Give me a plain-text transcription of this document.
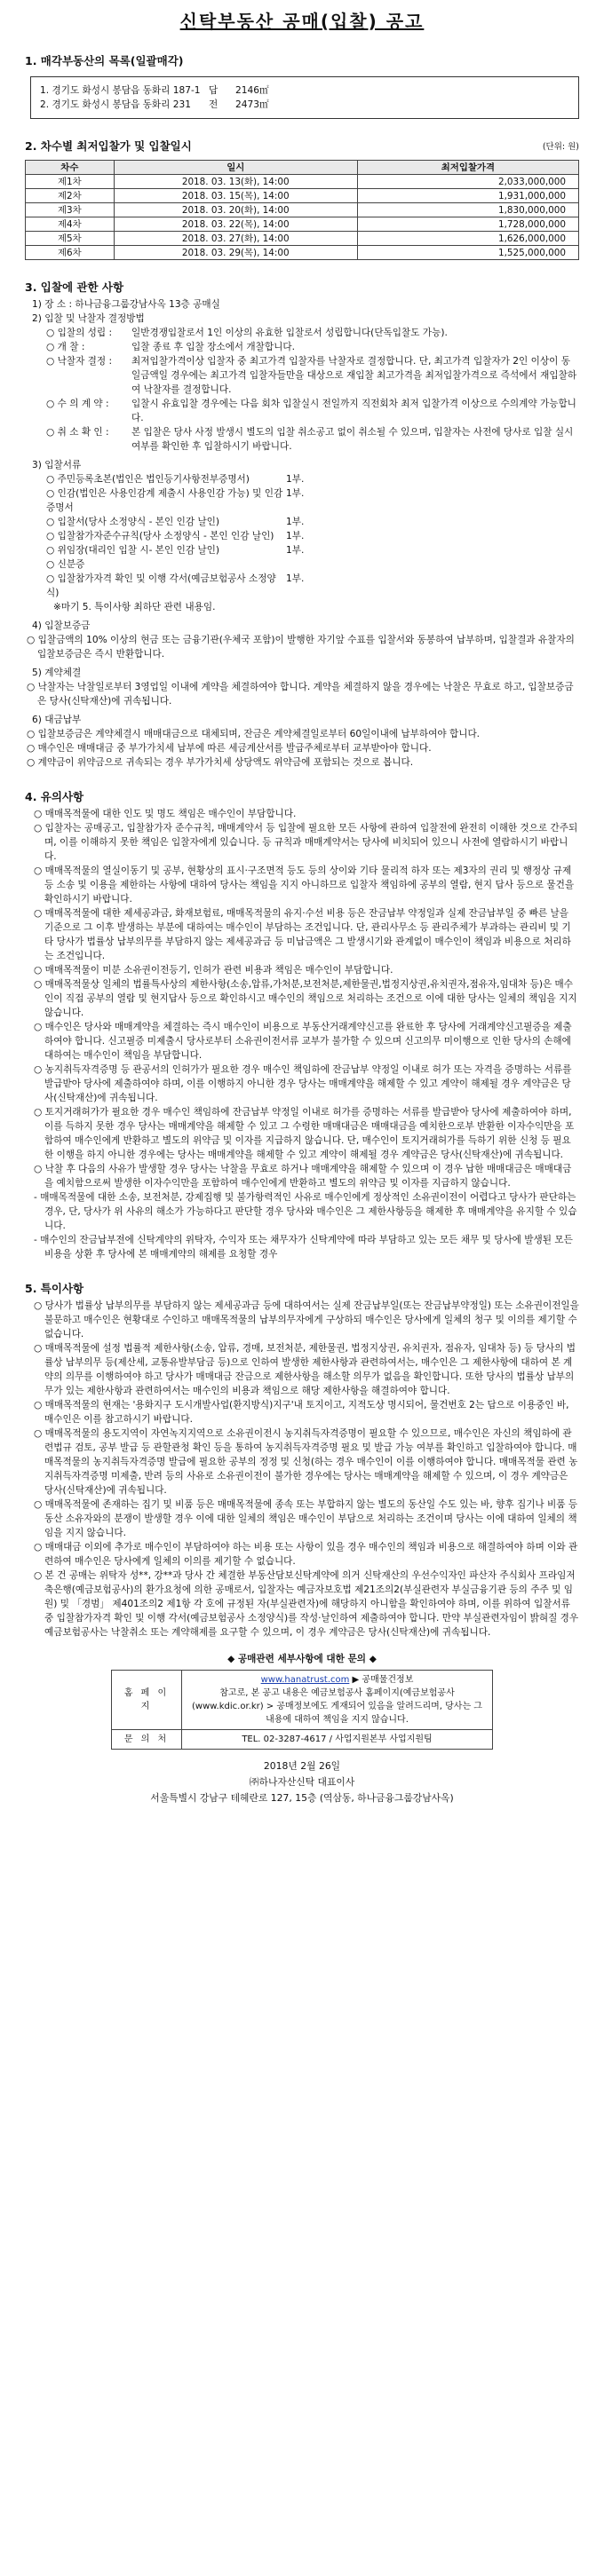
신탁부동산 공매(입찰) 공고
1. 매각부동산의 목록(일괄매각)
1. 경기도 화성시 봉담읍 동화리 187-1 답	2146㎡
2. 경기도 화성시 봉담읍 동화리 231	전	2473㎡
2. 차수별 최저입찰가 및 입찰일시	(단위: 원)
차수	일시	최저입찰가격
제1차	2018. 03. 13(화), 14:00	2,033,000,000
제2차	2018. 03. 15(목), 14:00	1,931,000,000
제3차	2018. 03. 20(화), 14:00	1,830,000,000
제4차	2018. 03. 22(목), 14:00	1,728,000,000
제5차	2018. 03. 27(화), 14:00	1,626,000,000
제6차	2018. 03. 29(목), 14:00	1,525,000,000
3. 입찰에 관한 사항
1) 장 소 : 하나금융그룹강남사옥 13층 공매실
2) 입찰 및 낙찰자 결정방법
○ 입찰의 성립 :	일반경쟁입찰로서 1인 이상의 유효한 입찰로서 성립합니다(단독입찰도 가능).
○ 개 찰 :	입찰 종료 후 입찰 장소에서 개찰합니다.
○ 낙찰자 결정 :	최저입찰가격이상 입찰자 중 최고가격 입찰자를 낙찰자로 결정합니다. 단, 최고가격 입찰자가 2인 이상이 동일금액일 경우에는 최고가격 입찰자들만을 대상으로 재입찰 최고가격을 최저입찰가격으로 즉석에서 재입찰하여 낙찰자를 결정합니다.
○ 수 의 계 약 :	입찰시 유효입찰 경우에는 다음 회차 입찰실시 전일까지 직전회차 최저 입찰가격 이상으로 수의계약 가능합니다.
○ 취 소 확 인 :	본 입찰은 당사 사정 발생시 별도의 입찰 취소공고 없이 취소될 수 있으며, 입찰자는 사전에 당사로 입찰 실시 여부를 확인한 후 입찰하시기 바랍니다.
3) 입찰서류
○ 주민등록초본(법인은 법인등기사항전부증명서)	1부.
○ 인감(법인은 사용인감계 제출시 사용인감 가능) 및 인감증명서
1부.
○ 입찰서(당사 소정양식 - 본인 인감 날인)	1부.
○ 입찰참가자준수규칙(당사 소정양식 - 본인 인감 날인)	1부.
○ 위임장(대리인 입찰 시- 본인 인감 날인)	1부.
○ 신분증
○ 입찰참가자격 확인 및 이행 각서(예금보험공사 소정양식)
1부.
※마기 5. 특이사항 최하단 관련 내용임.
4) 입찰보증금
○ 입찰금액의 10% 이상의 현금 또는 금융기관(우체국 포함)이 발행한 자기앞 수표를 입찰서와 동봉하여 납부하며, 입찰결과 유찰자의 입찰보증금은 즉시 반환합니다.
5) 계약체결
○ 낙찰자는 낙찰일로부터 3영업일 이내에 계약을 체결하여야 합니다. 계약을 체결하지 않을 경우에는 낙찰은 무효로 하고, 입찰보증금은 당사(신탁재산)에 귀속됩니다.
6) 대금납부
○ 입찰보증금은 계약체결시 매매대금으로 대체되며, 잔금은 계약체결일로부터 60일이내에 납부하여야 합니다.
○ 매수인은 매매대금 중 부가가치세 납부에 따른 세금계산서를 발급주체로부터 교부받아야 합니다.
○ 계약금이 위약금으로 귀속되는 경우 부가가치세 상당액도 위약금에 포함되는 것으로 봅니다.
4. 유의사항
○ 매매목적물에 대한 인도 및 명도 책임은 매수인이 부담합니다.
○ 입찰자는 공매공고, 입찰참가자 준수규칙, 매매계약서 등 입찰에 필요한 모든 사항에 관하여 입찰전에 완전히 이해한 것으로 간주되며, 이를 이해하지 못한 책임은 입찰자에게 있습니다. 등 규칙과 매매계약서는 당사에 비치되어 있으니 사전에 열람하시기 바랍니다.
○ 매매목적물의 열실이동기 및 공부, 현황상의 표시·구조면적 등도 등의 상이와 기타 물리적 하자 또는 제3자의 권리 및 행정상 규제 등 소송 및 이용을 제한하는 사항에 대하여 당사는 책임을 지지 아니하므로 입찰자 책임하에 공부의 열람, 현지 답사 등으로 물건을 확인하시기 바랍니다.
○ 매매목적물에 대한 제세공과금, 화재보험료, 매매목적물의 유지·수선 비용 등은 잔금납부 약정일과 실제 잔금납부일 중 빠른 날을 기준으로 그 이후 발생하는 부분에 대하여는 매수인이 부담하는 조건입니다. 단, 관리사무소 등 관리주체가 부과하는 관리비 및 기타 당사가 법률상 납부의무를 부담하지 않는 제세공과금 등 미납금액은 그 발생시기와 관계없이 매수인이 책임과 비용으로 처리하는 조건입니다.
○ 매매목적물이 미분 소유권이전등기, 인허가 관련 비용과 책임은 매수인이 부담합니다.
○ 매매목적물상 일체의 법률특사상의 제한사항(소송,압류,가처분,보전처분,제한물권,법정지상권,유치권자,점유자,임대차 등)은 매수인이 직접 공부의 열람 및 현지답사 등으로 확인하시고 매수인의 책임으로 처리하는 조건으로 이에 대한 당사는 일체의 책임을 지지 않습니다.
○ 매수인은 당사와 매매계약을 체결하는 즉시 매수인이 비용으로 부동산거래계약신고를 완료한 후 당사에 거래계약신고필증을 제출하여야 합니다. 신고필증 미제출시 당사로부터 소유권이전서류 교부가 불가할 수 있으며 신고의무 미이행으로 인한 당사의 손해에 대하여는 매수인이 책임을 부담합니다.
○ 농지취득자격증명 등 관공서의 인허가가 필요한 경우 매수인 책임하에 잔금납부 약정일 이내로 허가 또는 자격을 증명하는 서류를 발급받아 당사에 제출하여야 하며, 이를 이행하지 아니한 경우 당사는 매매계약을 해제할 수 있고 계약이 해제될 경우 계약금은 당사(신탁재산)에 귀속됩니다.
○ 토지거래허가가 필요한 경우 매수인 책임하에 잔금납부 약정일 이내로 허가를 증명하는 서류를 발급받아 당사에 제출하여야 하며, 이를 득하지 못한 경우 당사는 매매계약을 해제할 수 있고 그 수령한 매매대금은 매매대금을 예치한으로부 반환한 이자수익만을 포함하여 매수인에게 반환하고 별도의 위약금 및 이자를 지급하지 않습니다. 단, 매수인이 토지거래허가를 득하기 위한 신청 등 필요한 이행을 하지 아니한 경우에는 당사는 매매계약을 해제할 수 있고 계약이 해제될 경우 계약금은 당사(신탁재산)에 귀속됩니다.
○ 낙찰 후 다음의 사유가 발생할 경우 당사는 낙찰을 무효로 하거나 매매계약을 해제할 수 있으며 이 경우 납한 매매대금은 매매대금을 예치함으로써 발생한 이자수익만을 포함하여 매수인에게 반환하고 별도의 위약금 및 이자를 지급하지 않습니다.
- 매매목적물에 대한 소송, 보전처분, 강제집행 및 불가항력적인 사유로 매수인에게 정상적인 소유권이전이 어렵다고 당사가 판단하는 경우, 단, 당사가 위 사유의 해소가 가능하다고 판단할 경우 당사와 매수인은 그 제한사항등을 해제한 후 매매계약을 유지할 수 있습니다.
- 매수인의 잔금납부전에 신탁계약의 위탁자, 수익자 또는 채무자가 신탁계약에 따라 부담하고 있는 모든 채무 및 당사에 발생된 모든 비용을 상환 후 당사에 본 매매계약의 해제를 요청할 경우
5. 특이사항
○ 당사가 법률상 납부의무를 부담하지 않는 제세공과금 등에 대하여서는 실제 잔금납부일(또는 잔금납부약정일) 또는 소유권이전일을 불문하고 매수인은 현황대로 수인하고 매매목적물의 납부의무자에게 구상하되 매수인은 당사에게 일체의 청구 및 이의를 제기할 수 없습니다.
○ 매매목적물에 설정 법률적 제한사항(소송, 압류, 경매, 보전처분, 제한물권, 법정지상권, 유치권자, 점유자, 임대차 등) 등 당사의 법률상 납부의무 등(제산세, 교통유발부담금 등)으로 인하여 발생한 제한사항과 관련하여서는, 매수인은 그 제한사항에 대하여 본 계약의 의무를 이행하여야 하고 당사가 매매대금 잔금으로 제한사항을 해소할 의무가 없음을 확인합니다. 또한 당사의 법률상 납부의무가 있는 제한사항과 관련하여서는 매수인의 비용과 책임으로 해당 제한사항을 해결하여야 합니다.
○ 매매목적물의 현재는 '용화지구 도시개발사업(환지방식)지구'내 토지이고, 지적도상 명시되어, 물건번호 2는 답으로 이용중인 바, 매수인은 이를 참고하시기 바랍니다.
○ 매매목적물의 용도지역이 자연녹지지역으로 소유권이전시 농지취득자격증명이 필요할 수 있으므로, 매수인은 자신의 책임하에 관련법규 검토, 공부 발급 등 관할관청 확인 등을 통하여 농지취득자격증명 필요 및 발급 가능 여부를 확인하고 입찰하여야 합니다. 매매목적물의 농지취득자격증명 발급에 필요한 공부의 정정 및 신청(하는 경우 매수인이 이를 이행하여야 합니다. 매매목적물 관련 농지취득자격증명 미제출, 반려 등의 사유로 소유권이전이 불가한 경우에는 당사는 매매계약을 해제할 수 있으며, 이 경우 계약금은 당사(신탁재산)에 귀속됩니다.
○ 매매목적물에 존재하는 집기 및 비품 등은 매매목적물에 종속 또는 부합하지 않는 별도의 동산일 수도 있는 바, 향후 집기나 비품 등 동산 소유자와의 분쟁이 발생할 경우 이에 대한 일체의 책임은 매수인이 부담으로 처리하는 조건이며 당사는 이에 대하여 일체의 책임을 지지 않습니다.
○ 매매대금 이외에 추가로 매수인이 부담하여야 하는 비용 또는 사항이 있을 경우 매수인의 책임과 비용으로 해결하여야 하며 이와 관련하여 매수인은 당사에게 일체의 이의를 제기할 수 없습니다.
○ 본 건 공매는 위탁자 성**, 강**과 당사 간 체결한 부동산담보신탁계약에 의거 신탁재산의 우선수익자인 파산자 주식회사 프라임저축은행(예금보험공사)의 환가요청에 의한 공매로서, 입찰자는 예금자보호법 제21조의2(부실관련자 부실금융기관 등의 주주 및 임원) 및 「경범」 제401조의2 제1항 각 호에 규정된 자(부실관련자)에 해당하지 아니함을 확인하여야 하며, 이를 위하여 입찰서류 중 입찰참가자격 확인 및 이행 각서(예금보험공사 소정양식)를 작성·날인하여 제출하여야 합니다. 만약 부실관련자임이 밝혀질 경우 예금보험공사는 낙찰취소 또는 계약해제를 요구할 수 있으며, 이 경우 계약금은 당사(신탁재산)에 귀속됩니다.
◆ 공매관련 세부사항에 대한 문의 ◆
홈 페 이 지	www.hanatrust.com ▶ 공매물건정보
참고로, 본 공고 내용은 예금보험공사 홈페이지(예금보험공사(www.kdic.or.kr) > 공매정보에도 게재되어 있음을 알려드리며, 당사는 그 내용에 대하여 책임을 지지 않습니다.

문 의 처	TEL. 02-3287-4617 / 사업지원본부 사업지원팀
2018년 2월 26일
㈜하나자산신탁 대표이사
서울특별시 강남구 테헤란로 127, 15층 (역삼동, 하나금융그룹강남사옥)
